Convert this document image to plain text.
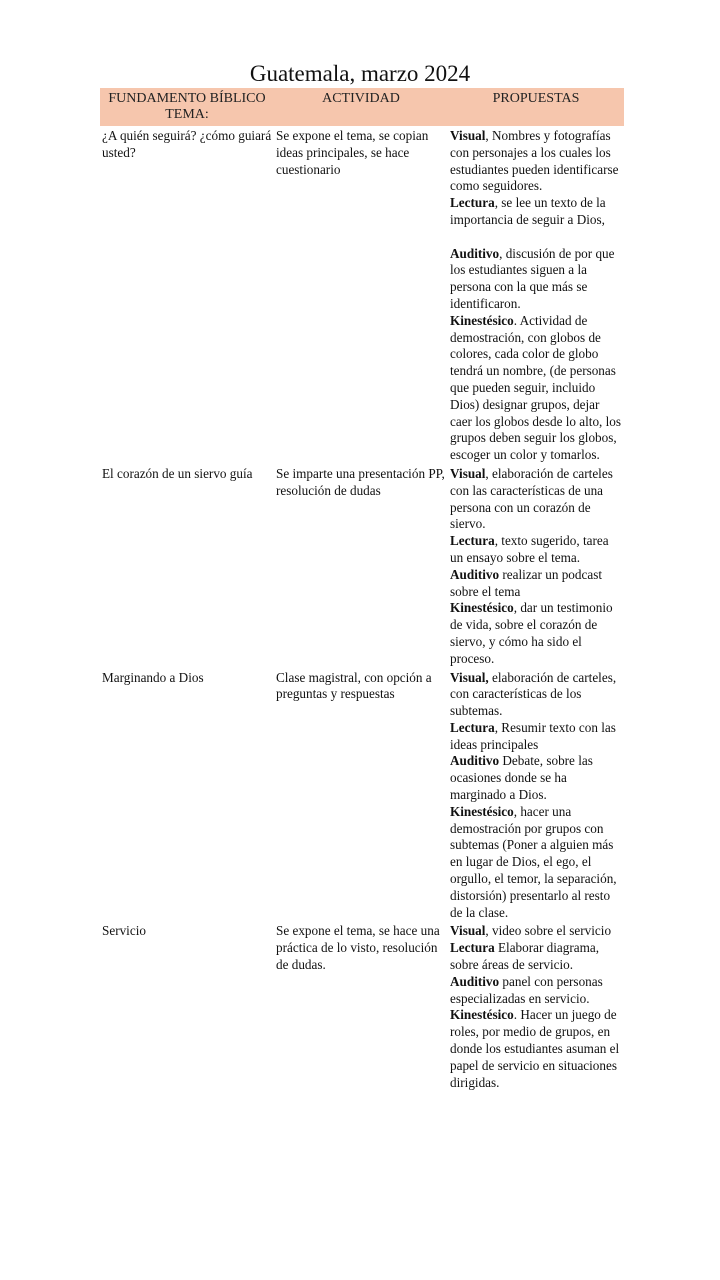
Guatemala, marzo 2024
FUNDAMENTO BÍBLICO
TEMA:	ACTIVIDAD	PROPUESTAS
¿A quién seguirá? ¿cómo guiará usted?	Se expone el tema, se copian ideas principales, se hace cuestionario	Visual, Nombres y fotografías con personajes a los cuales los estudiantes pueden identificarse como seguidores.
Lectura, se lee un texto de la importancia de seguir a Dios,
Auditivo, discusión de por que los estudiantes siguen a la persona con la que más se identificaron.
Kinestésico. Actividad de demostración, con globos de colores, cada color de globo tendrá un nombre, (de personas que pueden seguir, incluido Dios) designar grupos, dejar caer los globos desde lo alto, los grupos deben seguir los globos, escoger un color y tomarlos.

El corazón de un siervo guía	Se imparte una presentación PP, resolución de dudas	Visual, elaboración de carteles con las características de una persona con un corazón de siervo.
Lectura, texto sugerido, tarea un ensayo sobre el tema.
Auditivo realizar un podcast sobre el tema
Kinestésico, dar un testimonio de vida, sobre el corazón de siervo, y cómo ha sido el proceso.

Marginando a Dios	Clase magistral, con opción a preguntas y respuestas	Visual, elaboración de carteles, con características de los subtemas.
Lectura, Resumir texto con las ideas principales
Auditivo Debate, sobre las ocasiones donde se ha marginado a Dios.
Kinestésico, hacer una demostración por grupos con subtemas (Poner a alguien más en lugar de Dios, el ego, el orgullo, el temor, la separación, distorsión) presentarlo al resto de la clase.

Servicio	Se expone el tema, se hace una práctica de lo visto, resolución de dudas.	Visual, video sobre el servicio
Lectura Elaborar diagrama, sobre áreas de servicio.
Auditivo panel con personas especializadas en servicio.
Kinestésico. Hacer un juego de roles, por medio de grupos, en donde los estudiantes asuman el papel de servicio en situaciones dirigidas.
